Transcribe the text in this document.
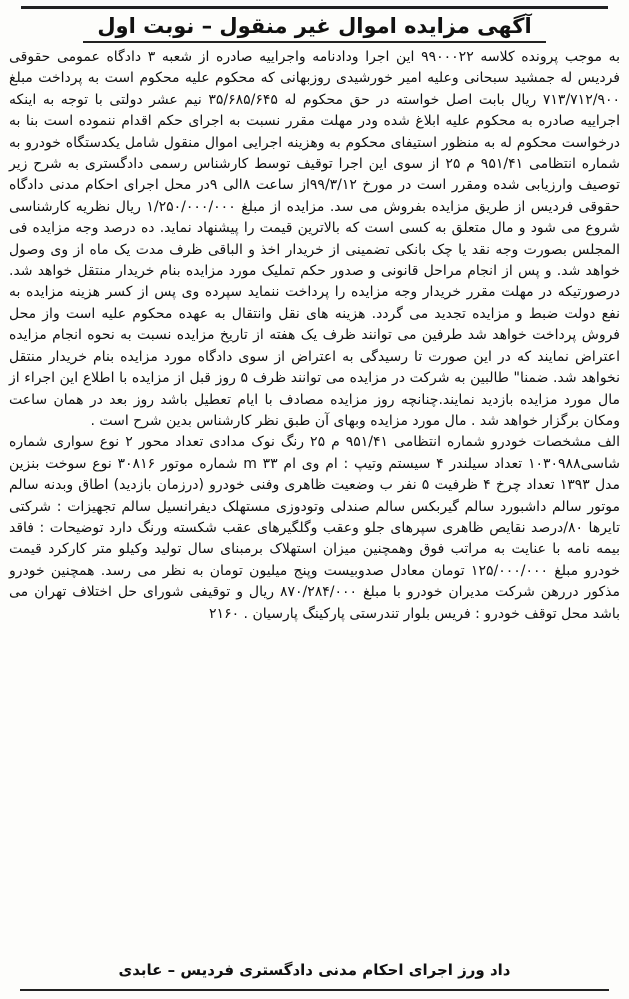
آگهی مزایده اموال غیر منقول – نوبت اول

به موجب پرونده کلاسه ۹۹۰۰۰۲۲ این اجرا ودادنامه واجراییه صادره از شعبه ۳ دادگاه عمومی حقوقی فردیس له جمشید سبحانی وعلیه امیر خورشیدی روزبهانی که محکوم علیه محکوم است به پرداخت مبلغ ۷۱۳/۷۱۲/۹۰۰ ریال بابت اصل خواسته در حق محکوم له ۳۵/۶۸۵/۶۴۵ نیم عشر دولتی با توجه به اینکه اجراییه صادره به محکوم علیه ابلاغ شده ودر مهلت مقرر نسبت به اجرای حکم اقدام ننموده است بنا به درخواست محکوم له به منظور استیفای محکوم به وهزینه اجرایی اموال منقول شامل یکدستگاه خودرو به شماره انتظامی ۹۵۱/۴۱ م ۲۵ از سوی این اجرا توقیف توسط کارشناس رسمی دادگستری به شرح زیر توصیف وارزیابی شده ومقرر است در مورخ ۹۹/۳/۱۲از ساعت ۸الی ۹در محل اجرای احکام مدنی دادگاه حقوقی فردیس از طریق مزایده بفروش می سد. مزایده از مبلغ ۱/۲۵۰/۰۰۰/۰۰۰ ریال نظریه کارشناسی شروع می شود و مال متعلق به کسی است که بالاترین قیمت را پیشنهاد نماید. ده درصد وجه مزایده فی المجلس بصورت وجه نقد یا چک بانکی تضمینی از خریدار اخذ و الباقی ظرف مدت یک ماه از وی وصول خواهد شد. و پس از انجام مراحل قانونی و صدور حکم تملیک مورد مزایده بنام خریدار منتقل خواهد شد. درصورتیکه در مهلت مقرر خریدار وجه مزایده را پرداخت ننماید سپرده وی پس از کسر هزینه مزایده به نفع دولت ضبط و مزایده تجدید می گردد. هزینه های نقل وانتقال به عهده محکوم علیه است واز محل فروش پرداخت خواهد شد طرفین می توانند ظرف یک هفته از تاریخ مزایده نسبت به نحوه انجام مزایده اعتراض نمایند که در این صورت تا رسیدگی به اعتراض از سوی دادگاه مورد مزایده بنام خریدار منتقل نخواهد شد. ضمنا" طالبین به شرکت در مزایده می توانند ظرف ۵ روز قبل از مزایده با اطلاع این اجراء از مال مورد مزایده بازدید نمایند.چنانچه روز مزایده مصادف با ایام تعطیل باشد روز بعد در همان ساعت ومکان برگزار خواهد شد . مال مورد مزایده وبهای آن طبق نظر کارشناس بدین شرح است .

الف مشخصات خودرو شماره انتظامی ۹۵۱/۴۱ م ۲۵ رنگ نوک مدادی تعداد محور ۲ نوع سواری شماره شاسی۱۰۳۰۹۸۸ تعداد سیلندر ۴ سیستم وتیپ : ام وی ام ۳۳ m شماره موتور ۳۰۸۱۶ نوع سوخت بنزین مدل ۱۳۹۳ تعداد چرخ ۴ ظرفیت ۵ نفر ب وضعیت ظاهری وفنی خودرو (درزمان بازدید) اطاق وبدنه سالم موتور سالم داشبورد سالم گیربکس سالم صندلی وتودوزی مستهلک دیفرانسیل سالم تجهیزات : شرکتی تایرها ۸۰/درصد نقایص ظاهری سپرهای جلو وعقب وگلگیرهای عقب شکسته ورنگ دارد توضیحات : فاقد بیمه نامه با عنایت به مراتب فوق وهمچنین میزان استهلاک برمبنای سال تولید وکیلو متر کارکرد قیمت خودرو مبلغ ۱۲۵/۰۰۰/۰۰۰ تومان معادل صدوبیست وپنج میلیون تومان به نظر می رسد. همچنین خودرو مذکور دررهن شرکت مدیران خودرو با مبلغ ۸۷۰/۲۸۴/۰۰۰ ریال و توقیفی شورای حل اختلاف تهران می باشد محل توقف خودرو : فریس بلوار تندرستی پارکینگ پارسیان . ۲۱۶۰

داد ورز اجرای احکام مدنی دادگستری فردیس – عابدی
